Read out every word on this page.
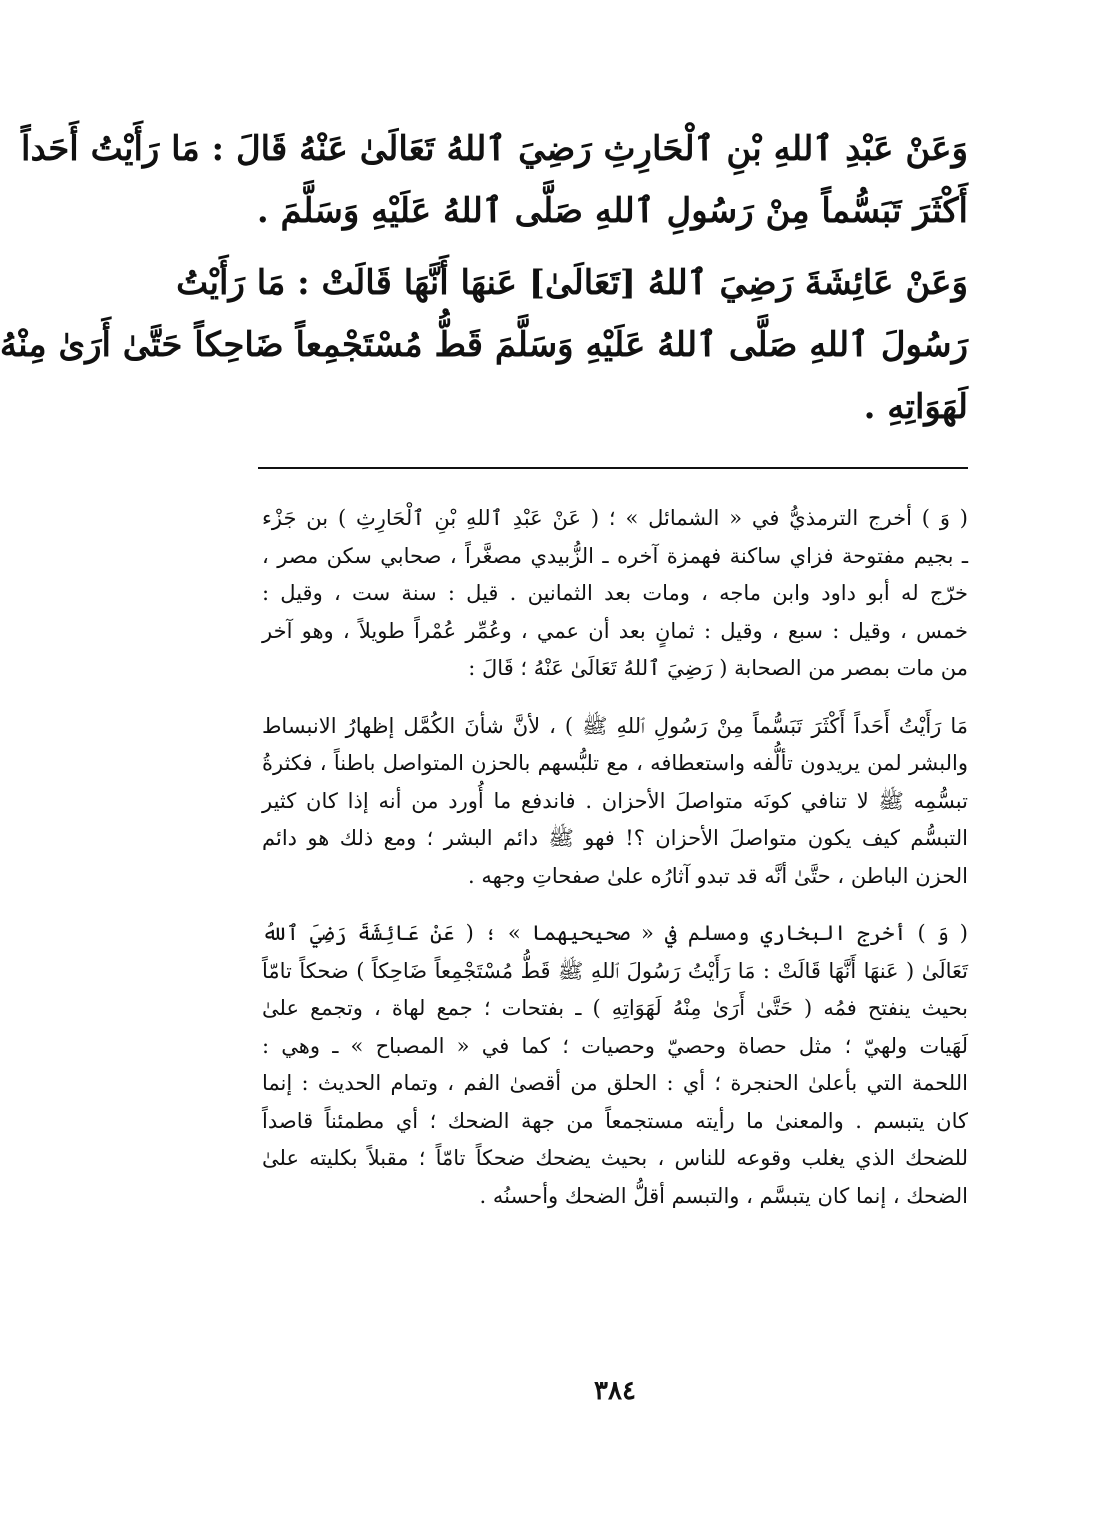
وَعَنْ عَبْدِ ٱللهِ بْنِ ٱلْحَارِثِ رَضِيَ ٱللهُ تَعَالَىٰ عَنْهُ قَالَ : مَا رَأَيْتُ أَحَداً
أَكْثَرَ تَبَسُّماً مِنْ رَسُولِ ٱللهِ صَلَّى ٱللهُ عَلَيْهِ وَسَلَّمَ .

وَعَنْ عَائِشَةَ رَضِيَ ٱللهُ [تَعَالَىٰ] عَنهَا أَنَّهَا قَالَتْ : مَا رَأَيْتُ
رَسُولَ ٱللهِ صَلَّى ٱللهُ عَلَيْهِ وَسَلَّمَ قَطُّ مُسْتَجْمِعاً ضَاحِكاً حَتَّىٰ أَرَىٰ مِنْهُ
لَهَوَاتِهِ .

( وَ ) أخرج الترمذيُّ في « الشمائل » ؛ ( عَنْ عَبْدِ ٱللهِ بْنِ ٱلْحَارِثِ ) بن جَزْء
ـ بجيم مفتوحة فزاي ساكنة فهمزة آخره ـ الزُّبيدي مصغَّراً ، صحابي سكن مصر ،
خرّج له أبو داود وابن ماجه ، ومات بعد الثمانين . قيل : سنة ست ، وقيل :
خمس ، وقيل : سبع ، وقيل : ثمانٍ بعد أن عمي ، وعُمِّر عُمْراً طويلاً ، وهو آخر
من مات بمصر من الصحابة ( رَضِيَ ٱللهُ تَعَالَىٰ عَنْهُ ؛ قَالَ :
مَا رَأَيْتُ أَحَداً أَكْثَرَ تَبَسُّماً مِنْ رَسُولِ ٱللهِ ﷺ ) ، لأنَّ شأنَ الكُمَّل إظهارُ الانبساط
والبشر لمن يريدون تألُّفه واستعطافه ، مع تلبُّسهم بالحزن المتواصل باطناً ، فكثرةُ
تبسُّمِه ﷺ لا تنافي كونَه متواصلَ الأحزان . فاندفع ما أُورد من أنه إذا كان كثير
التبسُّم كيف يكون متواصلَ الأحزان ؟! فهو ﷺ دائم البشر ؛ ومع ذلك هو دائم
الحزن الباطن ، حتَّىٰ أنَّه قد تبدو آثارُه علىٰ صفحاتِ وجهه .
( وَ ) أخرج البخاري ومسلم في « صحيحيهما » ؛ ( عَنْ عَائِشَةَ رَضِيَ ٱللهُ
تَعَالَىٰ ( عَنهَا أَنَّهَا قَالَتْ : مَا رَأَيْتُ رَسُولَ ٱللهِ ﷺ قَطُّ مُسْتَجْمِعاً ضَاحِكاً ) ضحكاً تامّاً
بحيث ينفتح فمُه ( حَتَّىٰ أَرَىٰ مِنْهُ لَهَوَاتِهِ ) ـ بفتحات ؛ جمع لهاة ، وتجمع علىٰ
لَهَيات ولهيّ ؛ مثل حصاة وحصيّ وحصيات ؛ كما في « المصباح » ـ وهي :
اللحمة التي بأعلىٰ الحنجرة ؛ أي : الحلق من أقصىٰ الفم ، وتمام الحديث : إنما
كان يتبسم . والمعنىٰ ما رأيته مستجمعاً من جهة الضحك ؛ أي مطمئناً قاصداً
للضحك الذي يغلب وقوعه للناس ، بحيث يضحك ضحكاً تامّاً ؛ مقبلاً بكليته علىٰ
الضحك ، إنما كان يتبسَّم ، والتبسم أقلُّ الضحك وأحسنُه .
٣٨٤
